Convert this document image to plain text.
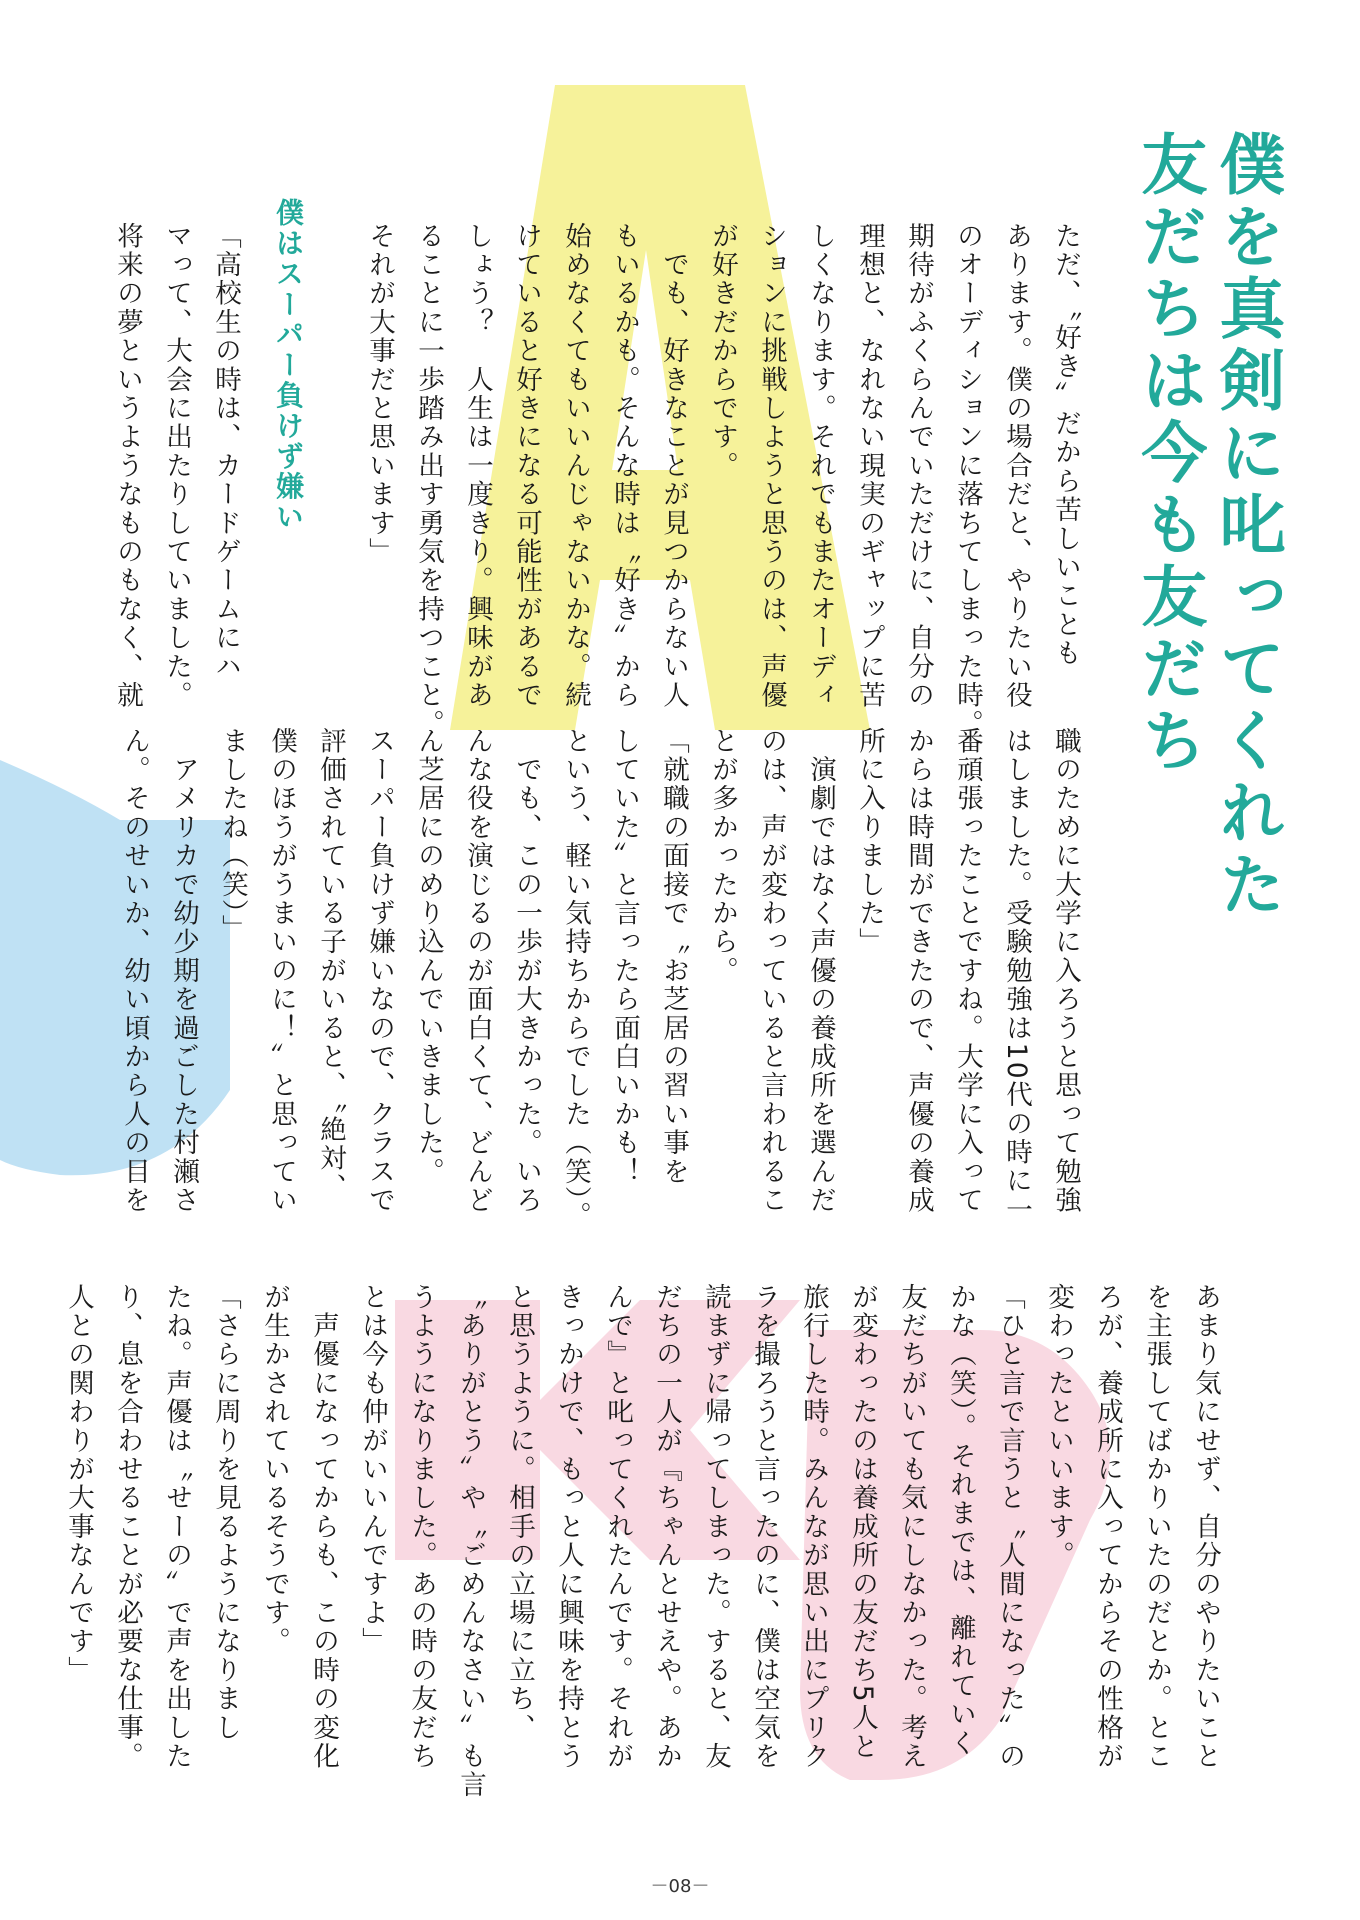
僕を真剣に叱ってくれた
友だちは今も友だち
ただ、〝好き〟だから苦しいことも
あります。僕の場合だと、やりたい役
のオーディションに落ちてしまった時。
期待がふくらんでいただけに、自分の
理想と、なれない現実のギャップに苦
しくなります。それでもまたオーディ
ションに挑戦しようと思うのは、声優
が好きだからです。
　でも、好きなことが見つからない人
もいるかも。そんな時は〝好き〟から
始めなくてもいいんじゃないかな。続
けていると好きになる可能性があるで
しょう？　人生は一度きり。興味があ
ることに一歩踏み出す勇気を持つこと。
それが大事だと思います」
職のために大学に入ろうと思って勉強
はしました。受験勉強は10代の時に一
番頑張ったことですね。大学に入って
からは時間ができたので、声優の養成
所に入りました」
　演劇ではなく声優の養成所を選んだ
のは、声が変わっていると言われるこ
とが多かったから。
「就職の面接で〝お芝居の習い事を
していた〟と言ったら面白いかも！
という、軽い気持ちからでした（笑）。
　でも、この一歩が大きかった。いろ
んな役を演じるのが面白くて、どんど
ん芝居にのめり込んでいきました。
スーパー負けず嫌いなので、クラスで
評価されている子がいると、〝絶対、
僕のほうがうまいのに！〟と思ってい
ましたね（笑）」
　アメリカで幼少期を過ごした村瀬さ
ん。そのせいか、幼い頃から人の目を
僕はスーパー負けず嫌い
「高校生の時は、カードゲームにハ
マって、大会に出たりしていました。
将来の夢というようなものもなく、就
あまり気にせず、自分のやりたいこと
を主張してばかりいたのだとか。とこ
ろが、養成所に入ってからその性格が
変わったといいます。
「ひと言で言うと〝人間になった〟の
かな（笑）。それまでは、離れていく
友だちがいても気にしなかった。考え
が変わったのは養成所の友だち5人と
旅行した時。みんなが思い出にプリク
ラを撮ろうと言ったのに、僕は空気を
読まずに帰ってしまった。すると、友
だちの一人が『ちゃんとせえや。あか
んで』と叱ってくれたんです。それが
きっかけで、もっと人に興味を持とう
と思うように。相手の立場に立ち、
〝ありがとう〟や〝ごめんなさい〟も言
うようになりました。あの時の友だち
とは今も仲がいいんですよ」
　声優になってからも、この時の変化
が生かされているそうです。
「さらに周りを見るようになりまし
たね。声優は〝せーの〟で声を出した
り、息を合わせることが必要な仕事。
人との関わりが大事なんです」
－08－
